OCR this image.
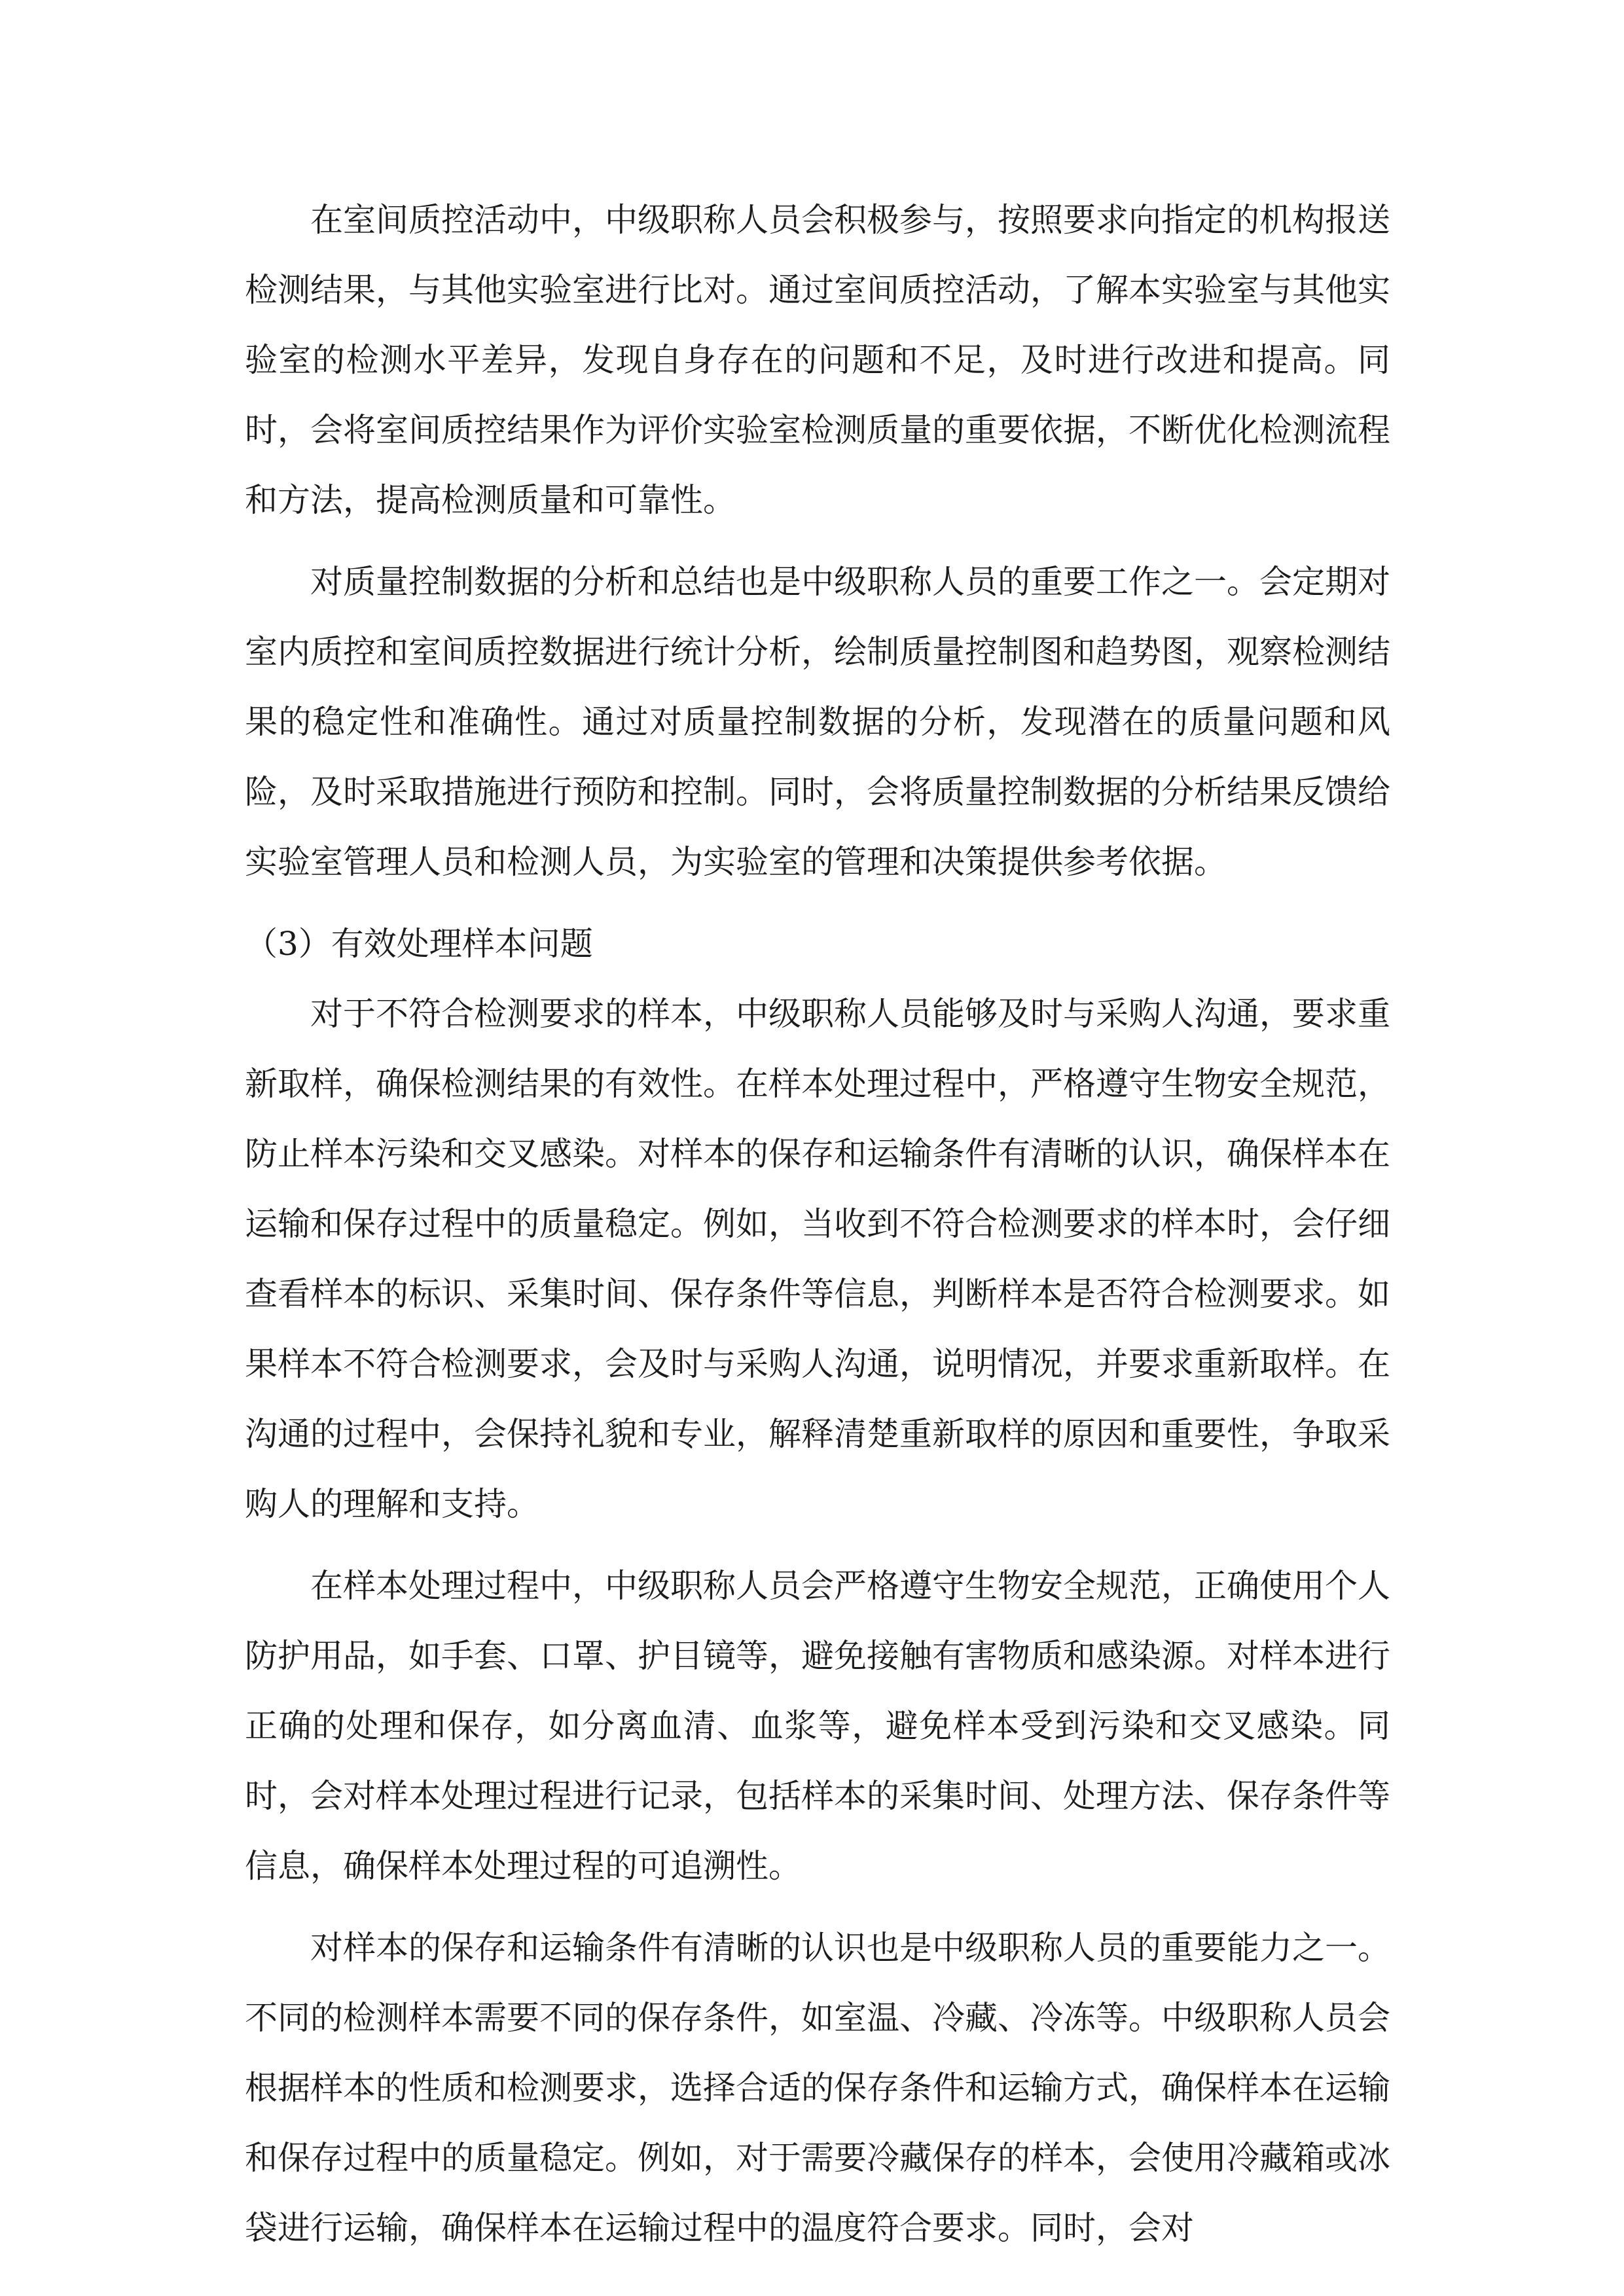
在室间质控活动中，中级职称人员会积极参与，按照要求向指定的机构报送检测结果，与其他实验室进行比对。通过室间质控活动，了解本实验室与其他实验室的检测水平差异，发现自身存在的问题和不足，及时进行改进和提高。同时，会将室间质控结果作为评价实验室检测质量的重要依据，不断优化检测流程和方法，提高检测质量和可靠性。

对质量控制数据的分析和总结也是中级职称人员的重要工作之一。会定期对室内质控和室间质控数据进行统计分析，绘制质量控制图和趋势图，观察检测结果的稳定性和准确性。通过对质量控制数据的分析，发现潜在的质量问题和风险，及时采取措施进行预防和控制。同时，会将质量控制数据的分析结果反馈给实验室管理人员和检测人员，为实验室的管理和决策提供参考依据。

（3）有效处理样本问题

对于不符合检测要求的样本，中级职称人员能够及时与采购人沟通，要求重新取样，确保检测结果的有效性。在样本处理过程中，严格遵守生物安全规范，防止样本污染和交叉感染。对样本的保存和运输条件有清晰的认识，确保样本在运输和保存过程中的质量稳定。例如，当收到不符合检测要求的样本时，会仔细查看样本的标识、采集时间、保存条件等信息，判断样本是否符合检测要求。如果样本不符合检测要求，会及时与采购人沟通，说明情况，并要求重新取样。在沟通的过程中，会保持礼貌和专业，解释清楚重新取样的原因和重要性，争取采购人的理解和支持。

在样本处理过程中，中级职称人员会严格遵守生物安全规范，正确使用个人防护用品，如手套、口罩、护目镜等，避免接触有害物质和感染源。对样本进行正确的处理和保存，如分离血清、血浆等，避免样本受到污染和交叉感染。同时，会对样本处理过程进行记录，包括样本的采集时间、处理方法、保存条件等信息，确保样本处理过程的可追溯性。

对样本的保存和运输条件有清晰的认识也是中级职称人员的重要能力之一。不同的检测样本需要不同的保存条件，如室温、冷藏、冷冻等。中级职称人员会根据样本的性质和检测要求，选择合适的保存条件和运输方式，确保样本在运输和保存过程中的质量稳定。例如，对于需要冷藏保存的样本，会使用冷藏箱或冰袋进行运输，确保样本在运输过程中的温度符合要求。同时，会对
